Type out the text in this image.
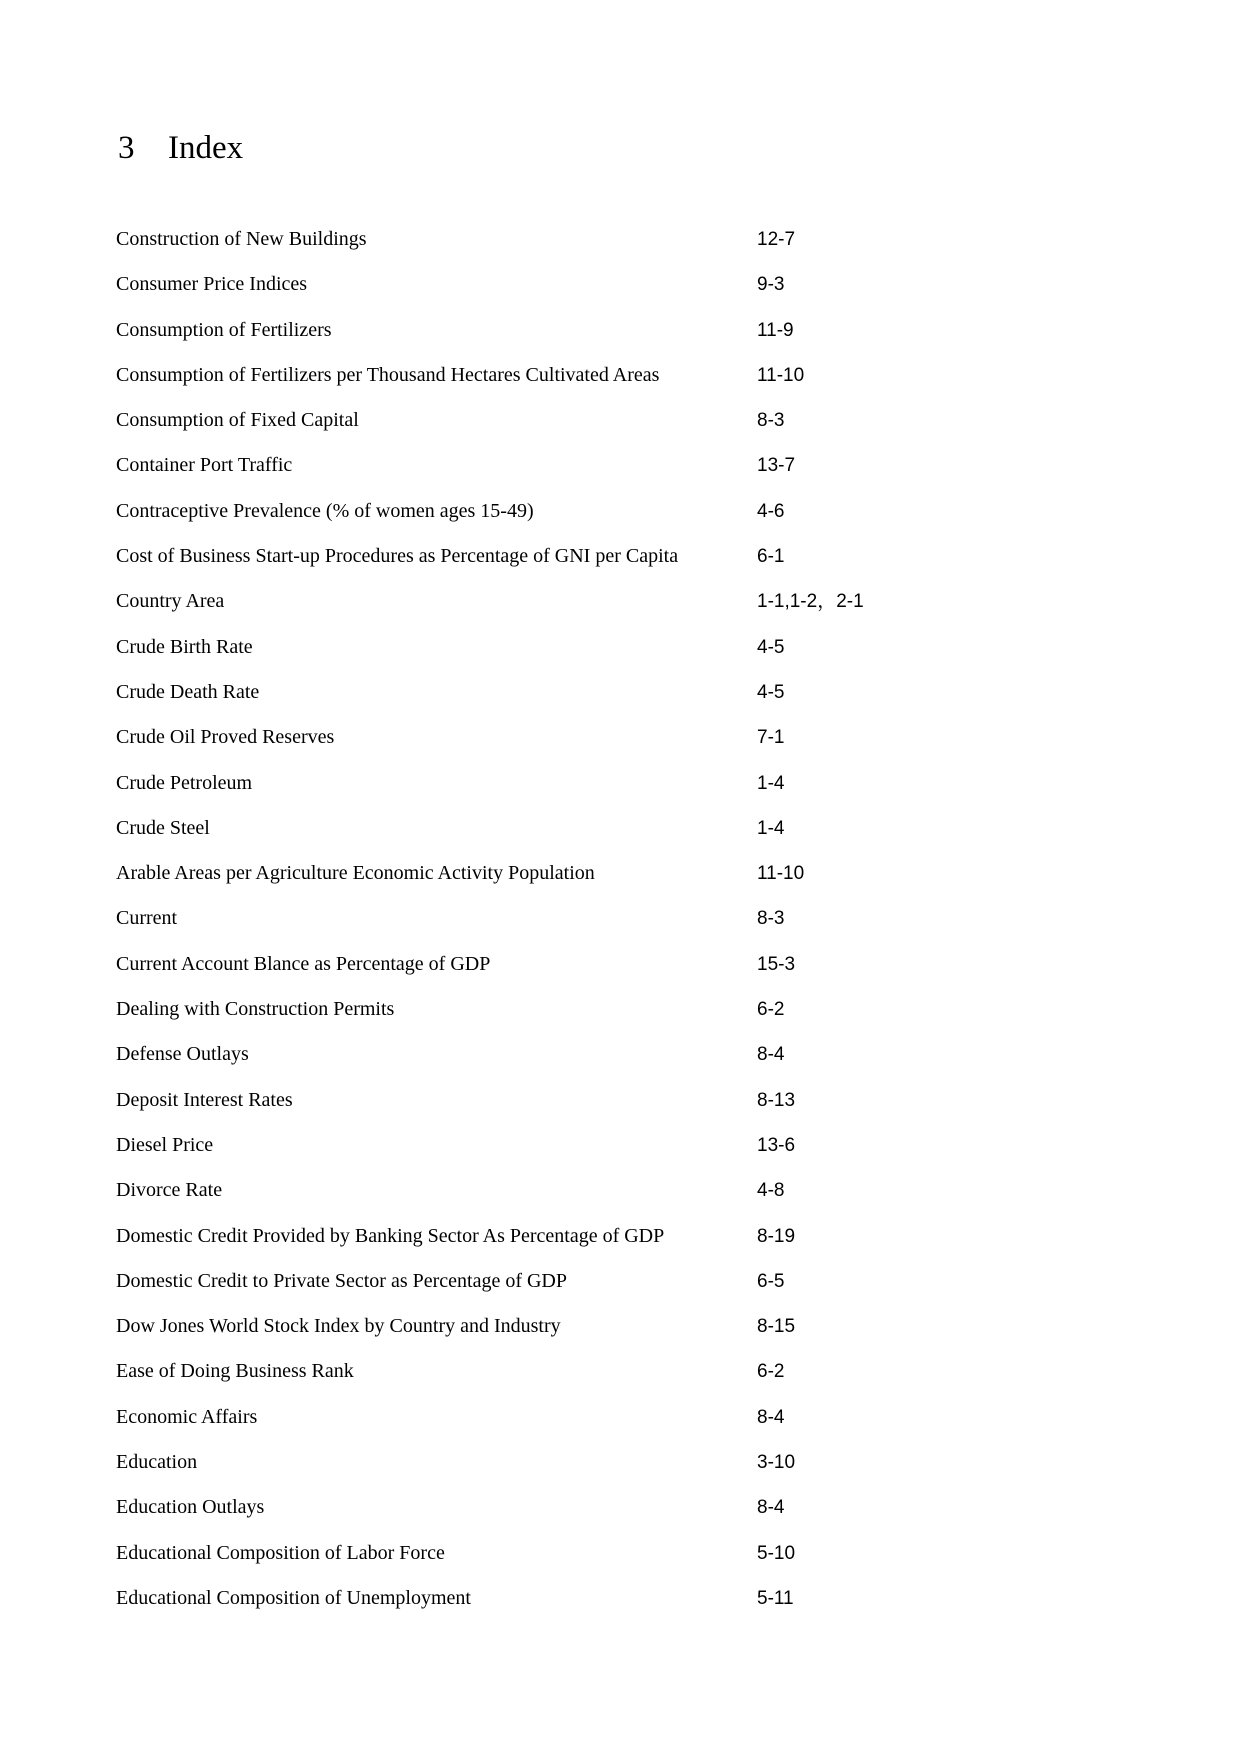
3 Index
Construction of New Buildings	12-7
Consumer Price Indices	9-3
Consumption of Fertilizers	11-9
Consumption of Fertilizers per Thousand Hectares Cultivated Areas	11-10
Consumption of Fixed Capital	8-3
Container Port Traffic	13-7
Contraceptive Prevalence (% of women ages 15-49)	4-6
Cost of Business Start-up Procedures as Percentage of GNI per Capita	6-1
Country Area	1-1,1-2，2-1
Crude Birth Rate	4-5
Crude Death Rate	4-5
Crude Oil Proved Reserves	7-1
Crude Petroleum	1-4
Crude Steel	1-4
Arable Areas per Agriculture Economic Activity Population	11-10
Current	8-3
Current Account Blance as Percentage of GDP	15-3
Dealing with Construction Permits	6-2
Defense Outlays	8-4
Deposit Interest Rates	8-13
Diesel Price	13-6
Divorce Rate	4-8
Domestic Credit Provided by Banking Sector As Percentage of GDP	8-19
Domestic Credit to Private Sector as Percentage of GDP	6-5
Dow Jones World Stock Index by Country and Industry	8-15
Ease of Doing Business Rank	6-2
Economic Affairs	8-4
Education	3-10
Education Outlays	8-4
Educational Composition of Labor Force	5-10
Educational Composition of Unemployment	5-11
